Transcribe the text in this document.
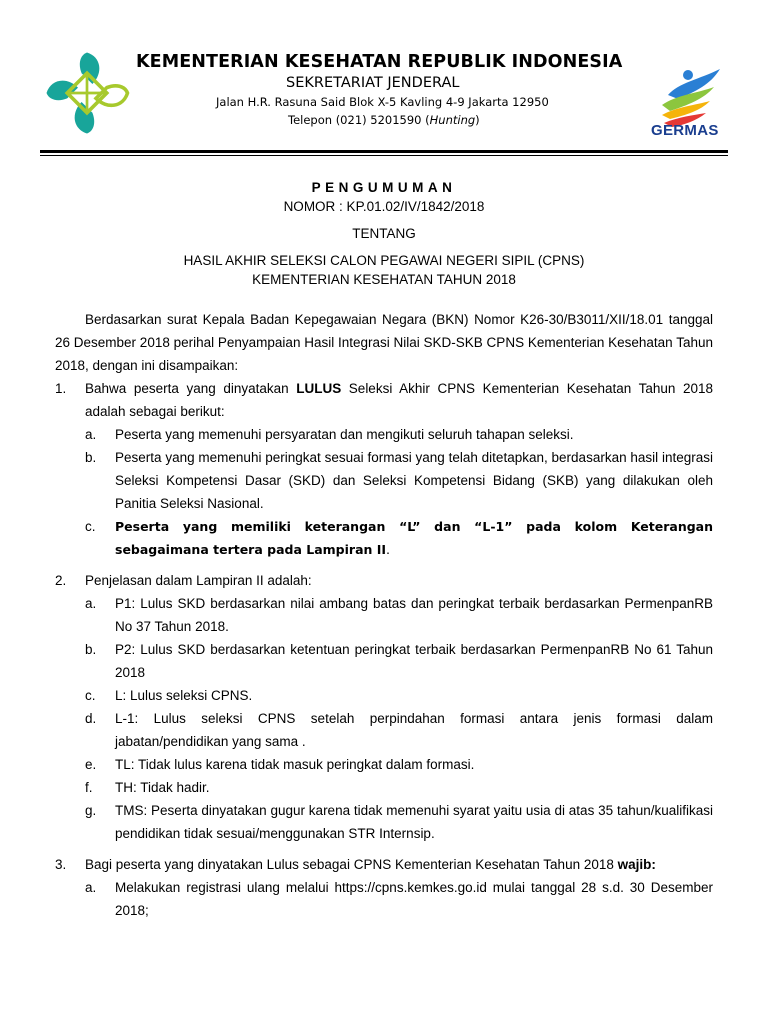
KEMENTERIAN KESEHATAN REPUBLIK INDONESIA
SEKRETARIAT JENDERAL
Jalan H.R. Rasuna Said Blok X-5 Kavling 4-9 Jakarta 12950
Telepon (021) 5201590 (Hunting)
GERMAS
PENGUMUMAN
NOMOR : KP.01.02/IV/1842/2018
TENTANG
HASIL AKHIR SELEKSI CALON PEGAWAI NEGERI SIPIL (CPNS)
KEMENTERIAN KESEHATAN TAHUN 2018

Berdasarkan surat Kepala Badan Kepegawaian Negara (BKN) Nomor K26-30/B3011/XII/18.01 tanggal 26 Desember 2018 perihal Penyampaian Hasil Integrasi Nilai SKD-SKB CPNS Kementerian Kesehatan Tahun 2018, dengan ini disampaikan:

1. Bahwa peserta yang dinyatakan LULUS Seleksi Akhir CPNS Kementerian Kesehatan Tahun 2018 adalah sebagai berikut:
a. Peserta yang memenuhi persyaratan dan mengikuti seluruh tahapan seleksi.
b. Peserta yang memenuhi peringkat sesuai formasi yang telah ditetapkan, berdasarkan hasil integrasi Seleksi Kompetensi Dasar (SKD) dan Seleksi Kompetensi Bidang (SKB) yang dilakukan oleh Panitia Seleksi Nasional.
c. Peserta yang memiliki keterangan “L” dan “L-1” pada kolom Keterangan sebagaimana tertera pada Lampiran II.
2. Penjelasan dalam Lampiran II adalah:
a. P1: Lulus SKD berdasarkan nilai ambang batas dan peringkat terbaik berdasarkan PermenpanRB No 37 Tahun 2018.
b. P2: Lulus SKD berdasarkan ketentuan peringkat terbaik berdasarkan PermenpanRB No 61 Tahun 2018
c. L: Lulus seleksi CPNS.
d. L-1: Lulus seleksi CPNS setelah perpindahan formasi antara jenis formasi dalam jabatan/pendidikan yang sama .
e. TL: Tidak lulus karena tidak masuk peringkat dalam formasi.
f. TH: Tidak hadir.
g. TMS: Peserta dinyatakan gugur karena tidak memenuhi syarat yaitu usia di atas 35 tahun/kualifikasi pendidikan tidak sesuai/menggunakan STR Internsip.
3. Bagi peserta yang dinyatakan Lulus sebagai CPNS Kementerian Kesehatan Tahun 2018 wajib:
a. Melakukan registrasi ulang melalui https://cpns.kemkes.go.id mulai tanggal 28 s.d. 30 Desember 2018;
